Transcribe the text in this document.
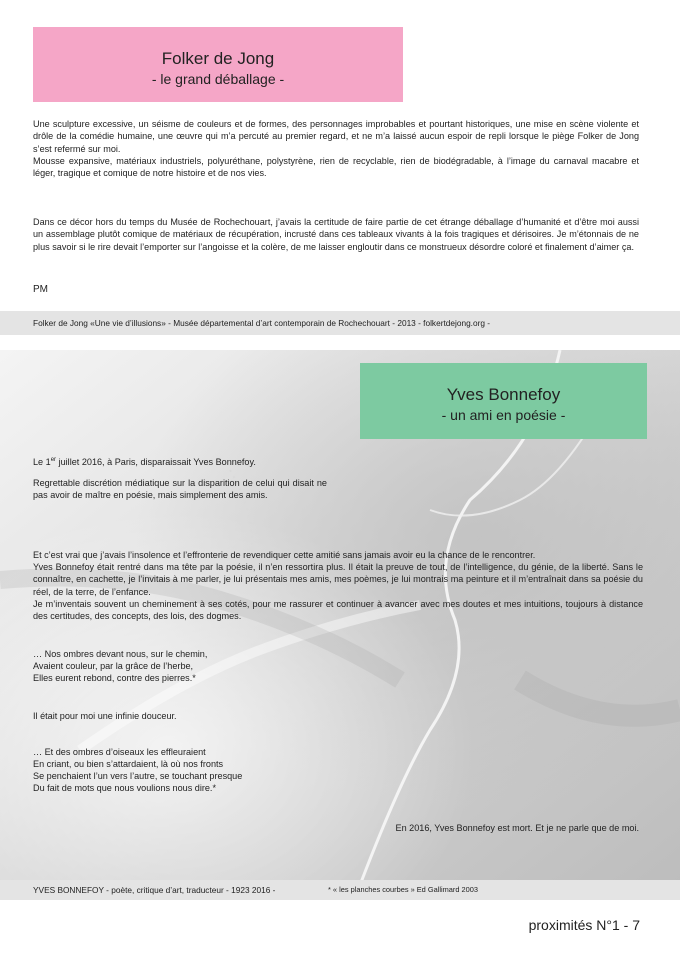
Folker de Jong
- le grand déballage -
Une sculpture excessive, un séisme de couleurs et de formes, des personnages improbables et pourtant historiques, une mise en scène violente et drôle de la comédie humaine, une œuvre qui m’a percuté au premier regard, et ne m’a laissé aucun espoir de repli lorsque le piège Folker de Jong s’est refermé sur moi.
Mousse expansive, matériaux industriels, polyuréthane, polystyrène, rien de recyclable, rien de biodégradable, à l’image du carnaval macabre et léger, tragique et comique de notre histoire et de nos vies.
Dans ce décor hors du temps du Musée de Rochechouart, j’avais la certitude de faire partie de cet étrange déballage d’humanité et d’être moi aussi un assemblage plutôt comique de matériaux de récupération, incrusté dans ces tableaux vivants à la fois tragiques et dérisoires. Je m’étonnais de ne plus savoir si le rire devait l’emporter sur l’angoisse et la colère, de me laisser engloutir dans ce monstrueux désordre coloré et finalement d’aimer ça.
PM
Folker de Jong «Une vie d’illusions» - Musée départemental d’art contemporain de Rochechouart - 2013 - folkertdejong.org -
Yves Bonnefoy
- un ami en poésie -
Le 1er juillet 2016, à Paris, disparaissait Yves Bonnefoy.
Regrettable discrétion médiatique sur la disparition de celui qui disait ne pas avoir de maître en poésie, mais simplement des amis.
Et c’est vrai que j’avais l’insolence et l’effronterie de revendiquer cette amitié sans jamais avoir eu la chance de le rencontrer.
Yves Bonnefoy était rentré dans ma tête par la poésie, il n’en ressortira plus. Il était la preuve de tout, de l’intelligence, du génie, de la liberté. Sans le connaître, en cachette, je l’invitais à me parler, je lui présentais mes amis, mes poèmes, je lui montrais ma peinture et il m’entraînait dans sa poésie du réel, de la terre, de l’enfance.
Je m’inventais souvent un cheminement à ses cotés, pour me rassurer et continuer à avancer avec mes doutes et mes intuitions, toujours à distance des certitudes, des concepts, des lois, des dogmes.
… Nos ombres devant nous, sur le chemin,
Avaient couleur, par la grâce de l’herbe,
Elles eurent rebond, contre des pierres.*
Il était pour moi une infinie douceur.
… Et des ombres d’oiseaux les effleuraient
En criant, ou bien s’attardaient, là où nos fronts
Se penchaient l’un vers l’autre, se touchant presque
Du fait de mots que nous voulions nous dire.*
En 2016, Yves Bonnefoy est mort. Et je ne parle que de moi.
YVES BONNEFOY - poète, critique d’art, traducteur - 1923 2016 -	* « les planches courbes » Ed Gallimard 2003
proximités N°1 - 7
